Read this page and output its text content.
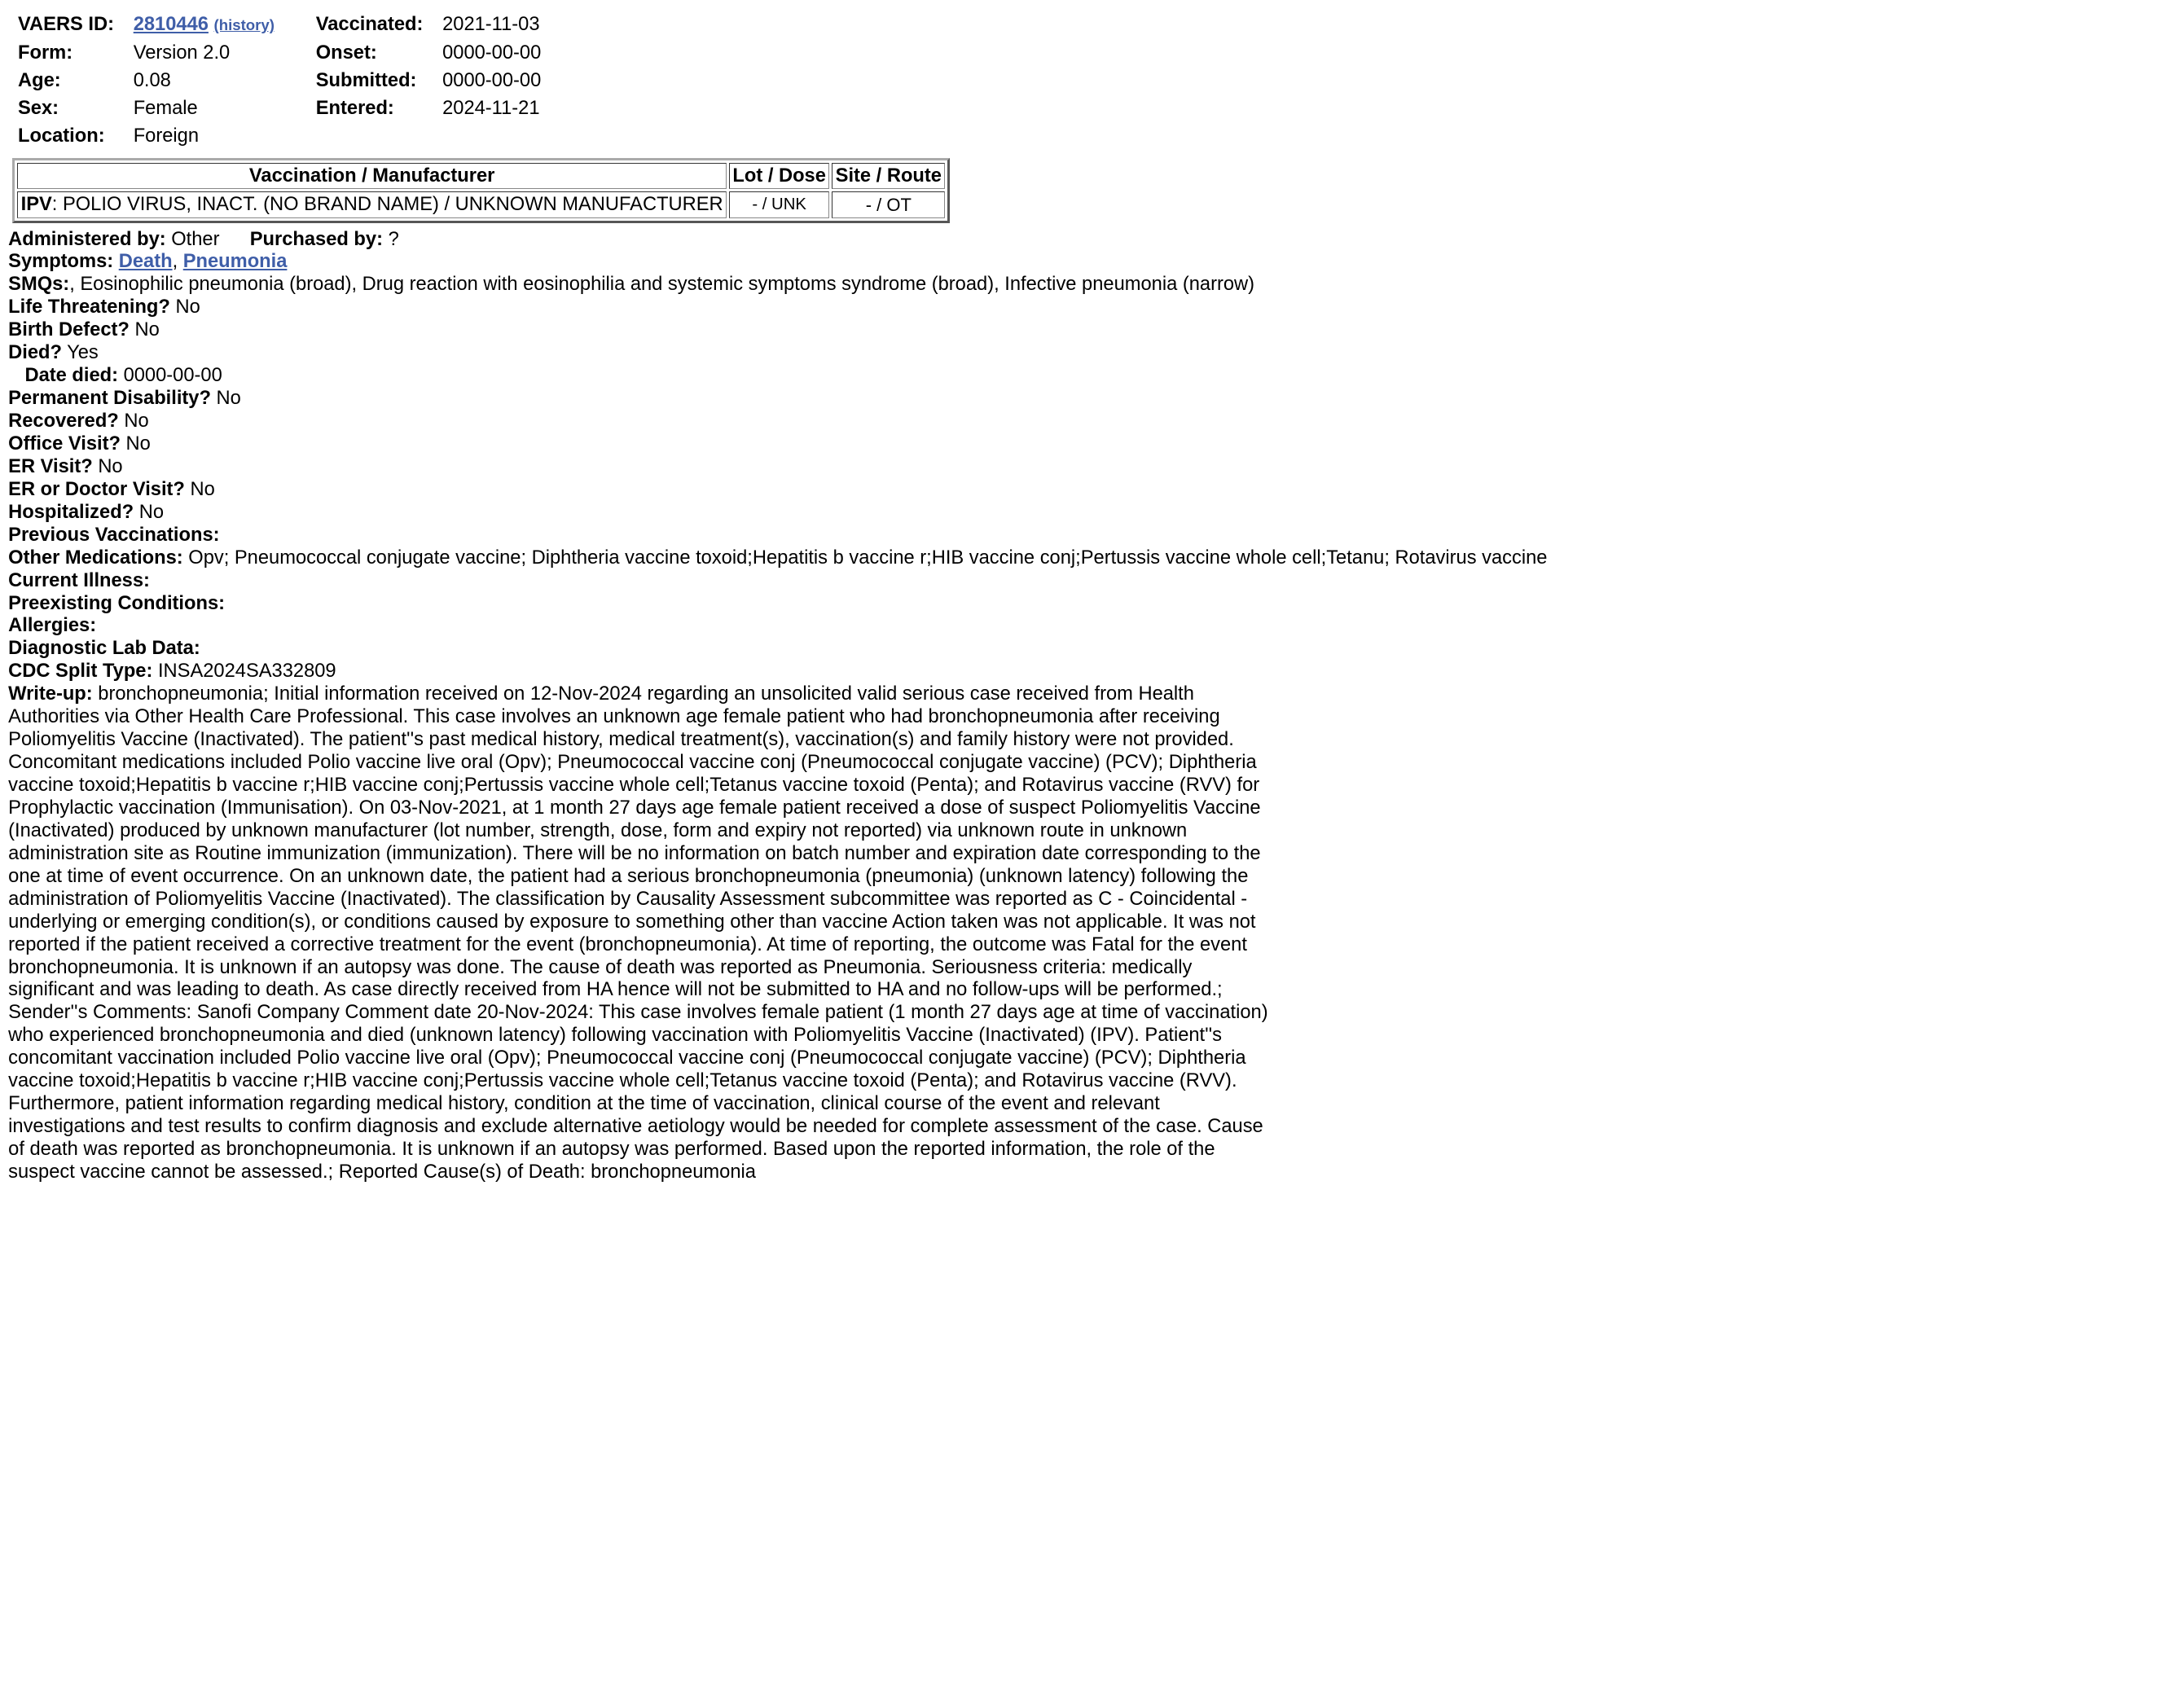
VAERS ID:	2810446 (history)		Vaccinated:	2021-11-03
Form:	Version 2.0		Onset:	0000-00-00
Age:	0.08		Submitted:	0000-00-00
Sex:	Female		Entered:	2024-11-21
Location:	Foreign			
Vaccination / Manufacturer	Lot / Dose	Site / Route
IPV: POLIO VIRUS, INACT. (NO BRAND NAME) / UNKNOWN MANUFACTURER	- / UNK	- / OT
Administered by: Other	Purchased by: ?
Symptoms: Death, Pneumonia
SMQs:, Eosinophilic pneumonia (broad), Drug reaction with eosinophilia and systemic symptoms syndrome (broad), Infective pneumonia (narrow)
Life Threatening? No
Birth Defect? No
Died? Yes
Date died: 0000-00-00
Permanent Disability? No
Recovered? No
Office Visit? No
ER Visit? No
ER or Doctor Visit? No
Hospitalized? No
Previous Vaccinations:
Other Medications: Opv; Pneumococcal conjugate vaccine; Diphtheria vaccine toxoid;Hepatitis b vaccine r;HIB vaccine conj;Pertussis vaccine whole cell;Tetanu; Rotavirus vaccine
Current Illness:
Preexisting Conditions:
Allergies:
Diagnostic Lab Data:
CDC Split Type: INSA2024SA332809
Write-up: bronchopneumonia; Initial information received on 12-Nov-2024 regarding an unsolicited valid serious case received from Health Authorities via Other Health Care Professional. This case involves an unknown age female patient who had bronchopneumonia after receiving Poliomyelitis Vaccine (Inactivated). The patient''s past medical history, medical treatment(s), vaccination(s) and family history were not provided. Concomitant medications included Polio vaccine live oral (Opv); Pneumococcal vaccine conj (Pneumococcal conjugate vaccine) (PCV); Diphtheria vaccine toxoid;Hepatitis b vaccine r;HIB vaccine conj;Pertussis vaccine whole cell;Tetanus vaccine toxoid (Penta); and Rotavirus vaccine (RVV) for Prophylactic vaccination (Immunisation). On 03-Nov-2021, at 1 month 27 days age female patient received a dose of suspect Poliomyelitis Vaccine (Inactivated) produced by unknown manufacturer (lot number, strength, dose, form and expiry not reported) via unknown route in unknown administration site as Routine immunization (immunization). There will be no information on batch number and expiration date corresponding to the one at time of event occurrence. On an unknown date, the patient had a serious bronchopneumonia (pneumonia) (unknown latency) following the administration of Poliomyelitis Vaccine (Inactivated). The classification by Causality Assessment subcommittee was reported as C - Coincidental - underlying or emerging condition(s), or conditions caused by exposure to something other than vaccine Action taken was not applicable. It was not reported if the patient received a corrective treatment for the event (bronchopneumonia). At time of reporting, the outcome was Fatal for the event bronchopneumonia. It is unknown if an autopsy was done. The cause of death was reported as Pneumonia. Seriousness criteria: medically significant and was leading to death. As case directly received from HA hence will not be submitted to HA and no follow-ups will be performed.; Sender''s Comments: Sanofi Company Comment date 20-Nov-2024: This case involves female patient (1 month 27 days age at time of vaccination) who experienced bronchopneumonia and died (unknown latency) following vaccination with Poliomyelitis Vaccine (Inactivated) (IPV). Patient''s concomitant vaccination included Polio vaccine live oral (Opv); Pneumococcal vaccine conj (Pneumococcal conjugate vaccine) (PCV); Diphtheria vaccine toxoid;Hepatitis b vaccine r;HIB vaccine conj;Pertussis vaccine whole cell;Tetanus vaccine toxoid (Penta); and Rotavirus vaccine (RVV). Furthermore, patient information regarding medical history, condition at the time of vaccination, clinical course of the event and relevant investigations and test results to confirm diagnosis and exclude alternative aetiology would be needed for complete assessment of the case. Cause of death was reported as bronchopneumonia. It is unknown if an autopsy was performed. Based upon the reported information, the role of the suspect vaccine cannot be assessed.; Reported Cause(s) of Death: bronchopneumonia
